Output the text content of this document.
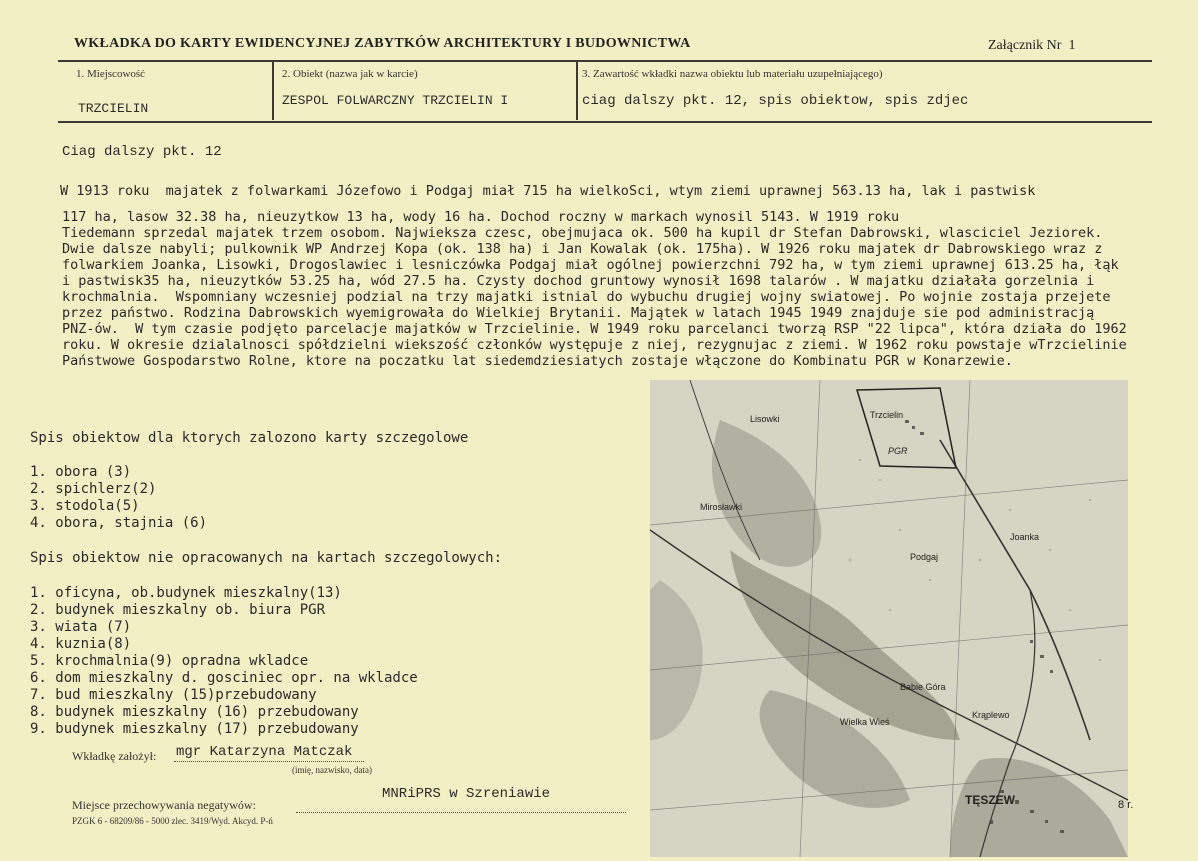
WKŁADKA DO KARTY EWIDENCYJNEJ ZABYTKÓW ARCHITEKTURY I BUDOWNICTWA	Załącznik Nr 1
1. Miejscowość
TRZCIELIN
2. Obiekt (nazwa jak w karcie)
ZESPOL FOLWARCZNY TRZCIELIN I
3. Zawartość wkładki nazwa obiektu lub materiału uzupełniającego)
ciag dalszy pkt. 12, spis obiektow, spis zdjec
Ciag dalszy pkt. 12
W 1913 roku  majatek z folwarkami Józefowo i Podgaj miał 715 ha wielkoSci, wtym ziemi uprawnej 563.13 ha, lak i pastwisk
117 ha, lasow 32.38 ha, nieuzytkow 13 ha, wody 16 ha. Dochod roczny w markach wynosil 5143. W 1919 roku
Tiedemann sprzedal majatek trzem osobom. Najwieksza czesc, obejmujaca ok. 500 ha kupil dr Stefan Dabrowski, wlasciciel Jeziorek.
Dwie dalsze nabyli; pulkownik WP Andrzej Kopa (ok. 138 ha) i Jan Kowalak (ok. 175ha). W 1926 roku majatek dr Dabrowskiego wraz z
folwarkiem Joanka, Lisowki, Drogoslawiec i lesniczówka Podgaj miał ogólnej powierzchni 792 ha, w tym ziemi uprawnej 613.25 ha, łąk
i pastwisk35 ha, nieuzytków 53.25 ha, wód 27.5 ha. Czysty dochod gruntowy wynosił 1698 talarów . W majatku działała gorzelnia i
krochmalnia.  Wspomniany wczesniej podzial na trzy majatki istnial do wybuchu drugiej wojny swiatowej. Po wojnie zostaja przejete
przez państwo. Rodzina Dabrowskich wyemigrowała do Wielkiej Brytanii. Majątek w latach 1945 1949 znajduje sie pod administracją
PNZ-ów.  W tym czasie podjęto parcelacje majatków w Trzcielinie. W 1949 roku parcelanci tworzą RSP "22 lipca", która działa do 1962
roku. W okresie dzialalnosci spółdzielni wiekszość członków występuje z niej, rezygnujac z ziemi. W 1962 roku powstaje wTrzcielinie
Państwowe Gospodarstwo Rolne, ktore na poczatku lat siedemdziesiatych zostaje włączone do Kombinatu PGR w Konarzewie.
Spis obiektow dla ktorych zalozono karty szczegolowe
1. obora (3)
2. spichlerz(2)
3. stodola(5)
4. obora, stajnia (6)
Spis obiektow nie opracowanych na kartach szczegolowych:
1. oficyna, ob.budynek mieszkalny(13)
2. budynek mieszkalny ob. biura PGR
3. wiata (7)
4. kuznia(8)
5. krochmalnia(9) opradna wkladce
6. dom mieszkalny d. gosciniec opr. na wkladce
7. bud mieszkalny (15)przebudowany
8. budynek mieszkalny (16) przebudowany
9. budynek mieszkalny (17) przebudowany
Wkładkę założył: mgr Katarzyna Matczak
(imię, nazwisko, data)
MNRiPRS w Szreniawie
Miejsce przechowywania negatywów:
PZGK 6 - 68209/86 - 5000 zlec. 3419/Wyd. Akcyd. P-ń
Trzcielin
PGR
Lisowki
Mirosławki
Podgaj
Joanka
Wielka Wieś
Babie Góra
Krąplewo
TĘSZEW	8 r.
